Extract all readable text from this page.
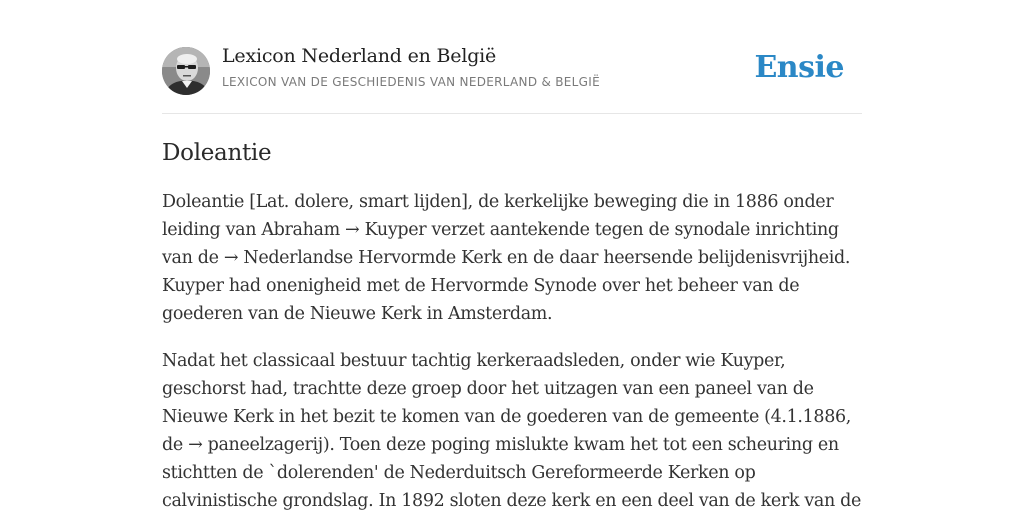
Lexicon Nederland en België
LEXICON VAN DE GESCHIEDENIS VAN NEDERLAND & BELGIË	Ensie
Doleantie

Doleantie [Lat. dolere, smart lijden], de kerkelijke beweging die in 1886 onder leiding van Abraham → Kuyper verzet aantekende tegen de synodale inrichting van de → Nederlandse Hervormde Kerk en de daar heersende belijdenisvrijheid. Kuyper had onenigheid met de Hervormde Synode over het beheer van de goederen van de Nieuwe Kerk in Amsterdam.

Nadat het classicaal bestuur tachtig kerkeraadsleden, onder wie Kuyper, geschorst had, trachtte deze groep door het uitzagen van een paneel van de Nieuwe Kerk in het bezit te komen van de goederen van de gemeente (4.1.1886, de → paneelzagerij). Toen deze poging mislukte kwam het tot een scheuring en stichtten de `dolerenden' de Nederduitsch Gereformeerde Kerken op calvinistische grondslag. In 1892 sloten deze kerk en een deel van de kerk van de
